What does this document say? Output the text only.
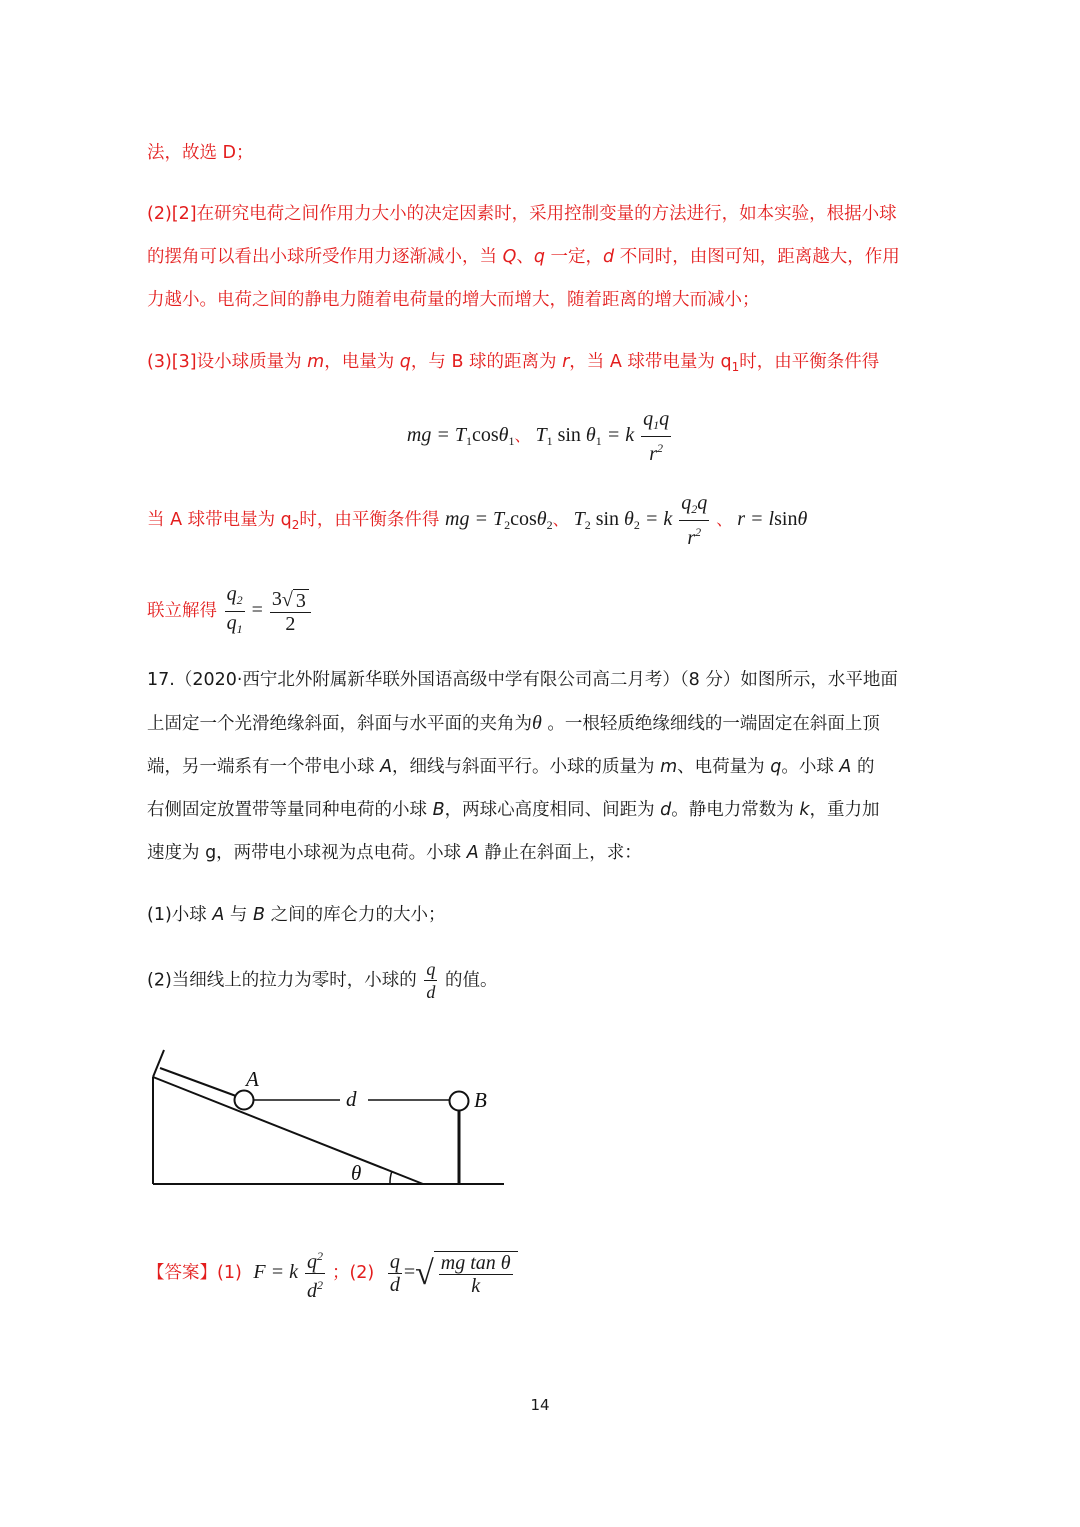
法，故选 D；
(2)[2]在研究电荷之间作用力大小的决定因素时，采用控制变量的方法进行，如本实验，根据小球
的摆角可以看出小球所受作用力逐渐减小，当 Q、q 一定，d 不同时，由图可知，距离越大，作用
力越小。电荷之间的静电力随着电荷量的增大而增大，随着距离的增大而减小；
(3)[3]设小球质量为 m，电量为 q，与 B 球的距离为 r，当 A 球带电量为 $q_1$时，由平衡条件得
mg = $T_1\cos\theta_1$、 $T_1$ $\sin \theta_1 = k \frac{q_1q}{r^2}$
当 A 球带电量为 $q_2$时，由平衡条件得 mg = $T_2\cos\theta_2$、 $T_2$ $\sin \theta_2 = k \frac{q_2q}{r^2}$ 、 r = lsinθ
联立解得 $\frac{q_2}{q_1} = \frac{3√ 3}{2}$
17.（2020·西宁北外附属新华联外国语高级中学有限公司高二月考）（8 分）如图所示，水平地面
上固定一个光滑绝缘斜面，斜面与水平面的夹角为θ 。一根轻质绝缘细线的一端固定在斜面上顶
端，另一端系有一个带电小球 A，细线与斜面平行。小球的质量为 m、电荷量为 q。小球 A 的
右侧固定放置带等量同种电荷的小球 B，两球心高度相同、间距为 d。静电力常数为 k，重力加
速度为 g，两带电小球视为点电荷。小球 A 静止在斜面上，求：
(1)小球 A 与 B 之间的库仑力的大小；
(2)当细线上的拉力为零时，小球的 $\frac{q}{d}$ 的值。
A
d	B
θ
【答案】(1) F = k $\frac{q^2}{d^2}$ ；$(2) \frac{q}{d}$ = √ $\frac{\text{mg tan θ}}{k}$
14
